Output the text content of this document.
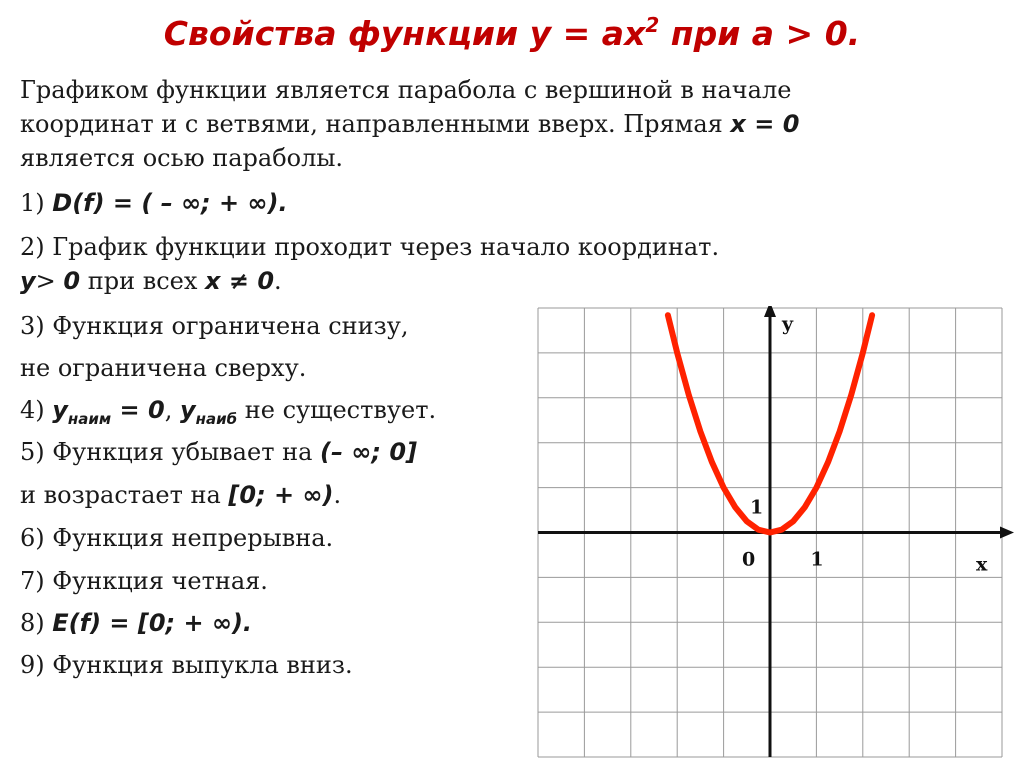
Свойства функции $y = ax^2$ при a > 0.
Графиком функции является парабола с вершиной в начале
координат и с ветвями, направленными вверх. Прямая x = 0
является осью параболы.
1) D(f) = ( – ∞; + ∞).
2) График функции проходит через начало координат.
y> 0 при всех x ≠ 0.
3) Функция ограничена снизу,
не ограничена сверху.
4) $y_{наим} = 0$, $y_{наиб}$ не существует.
5) Функция убывает на (– ∞; 0]
и возрастает на [0; + ∞).
6) Функция непрерывна.
7) Функция четная.
8) E(f) = [0; + ∞).
9) Функция выпукла вниз.
y
x
0	1
1
